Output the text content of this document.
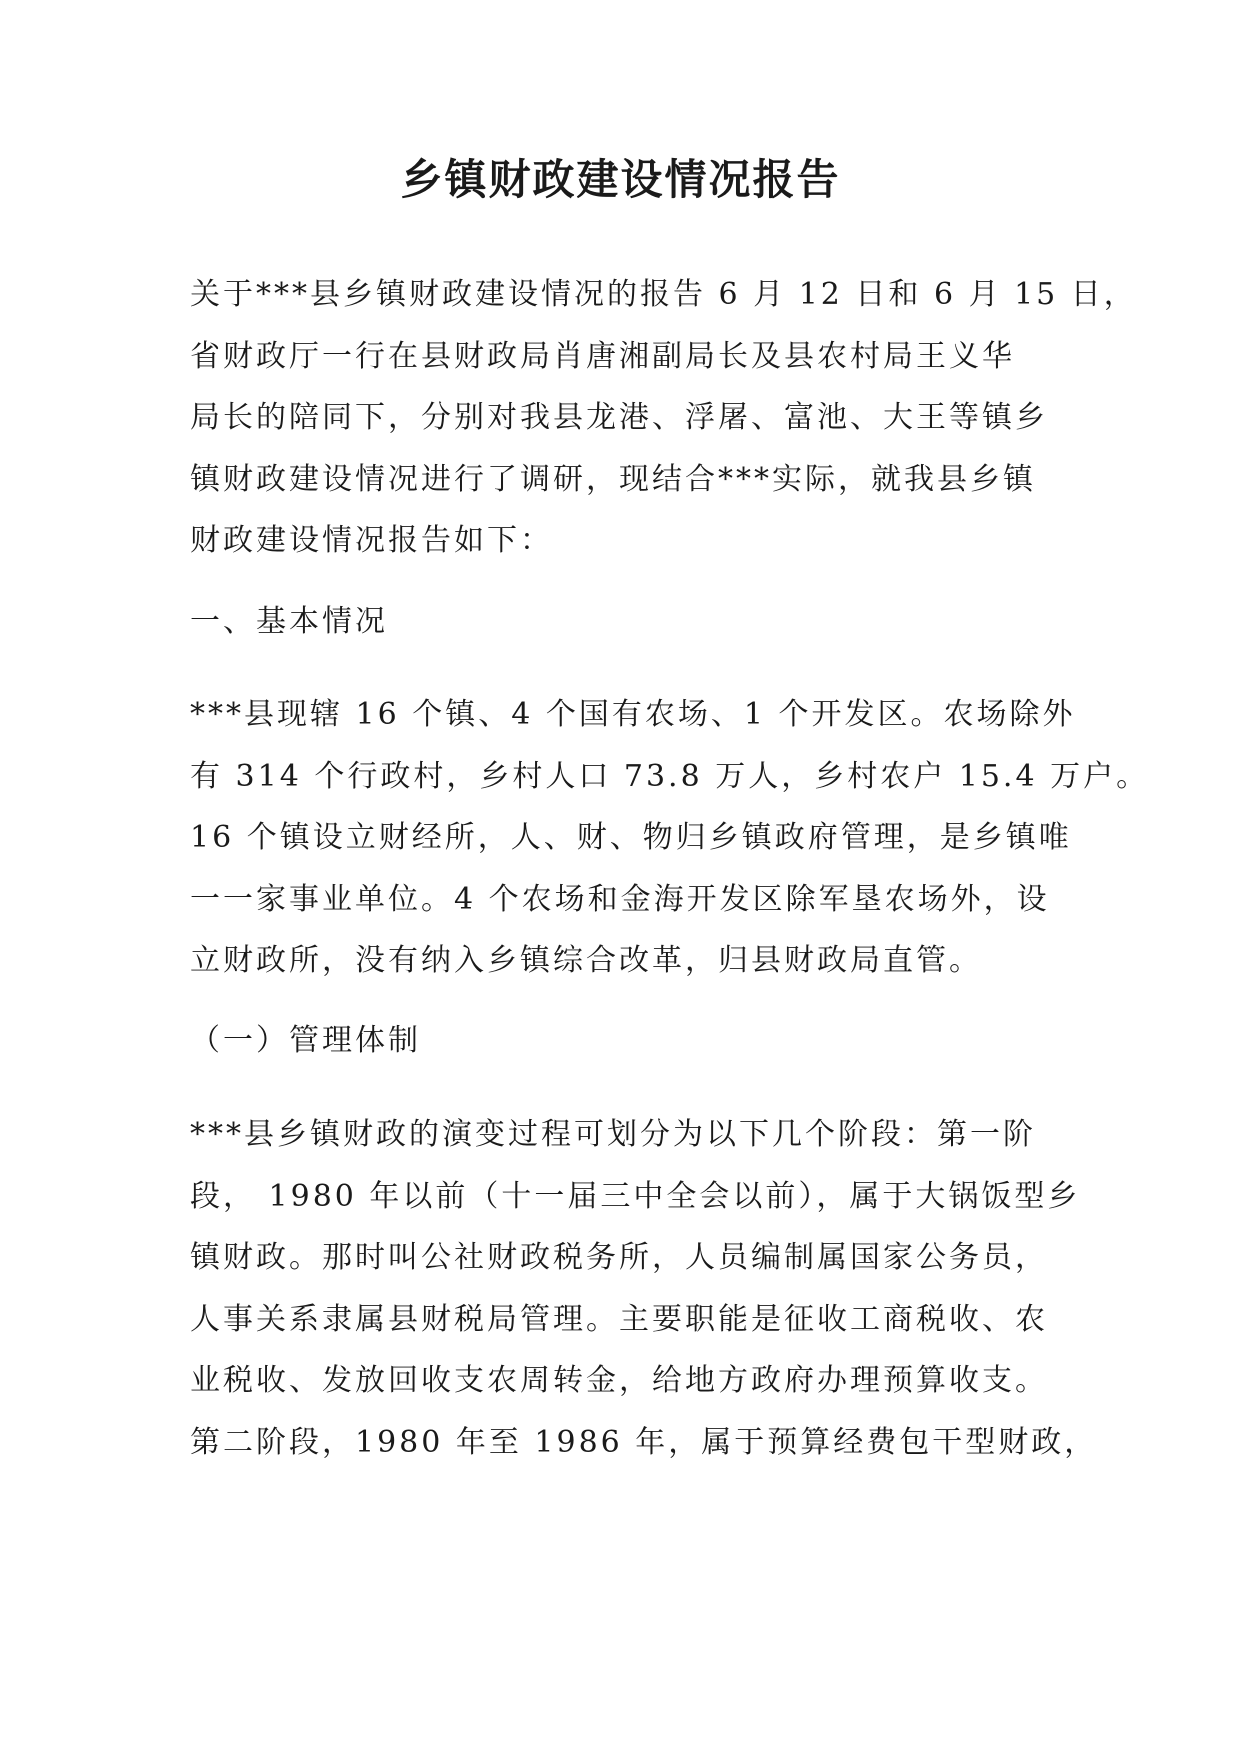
乡镇财政建设情况报告

关于***县乡镇财政建设情况的报告 6 月 12 日和 6 月 15 日，
省财政厅一行在县财政局肖唐湘副局长及县农村局王义华
局长的陪同下，分别对我县龙港、浮屠、富池、大王等镇乡
镇财政建设情况进行了调研，现结合***实际，就我县乡镇
财政建设情况报告如下：

一、基本情况

***县现辖 16 个镇、4 个国有农场、1 个开发区。农场除外
有 314 个行政村，乡村人口 73.8 万人，乡村农户 15.4 万户。
16 个镇设立财经所，人、财、物归乡镇政府管理，是乡镇唯
一一家事业单位。4 个农场和金海开发区除军垦农场外，设
立财政所，没有纳入乡镇综合改革，归县财政局直管。

（一）管理体制

***县乡镇财政的演变过程可划分为以下几个阶段：第一阶
段， 1980 年以前（十一届三中全会以前），属于大锅饭型乡
镇财政。那时叫公社财政税务所，人员编制属国家公务员，
人事关系隶属县财税局管理。主要职能是征收工商税收、农
业税收、发放回收支农周转金，给地方政府办理预算收支。
第二阶段，1980 年至 1986 年，属于预算经费包干型财政，
